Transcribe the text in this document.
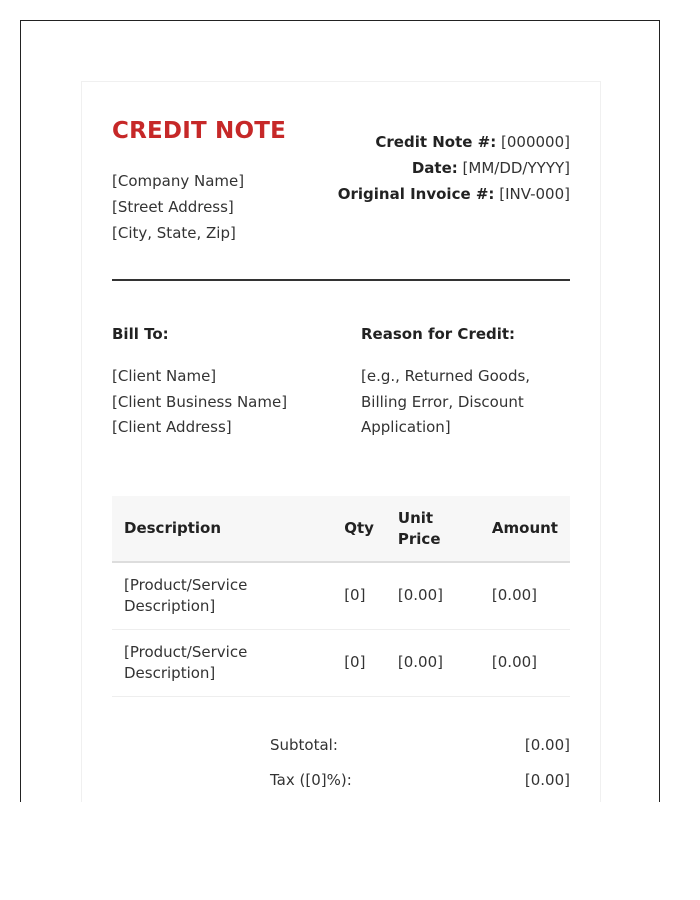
CREDIT NOTE
[Company Name]
[Street Address]
[City, State, Zip]
Credit Note #: [000000]
Date: [MM/DD/YYYY]
Original Invoice #: [INV-000]
Bill To:	Reason for Credit:
[Client Name]
[Client Business Name]
[Client Address]
[e.g., Returned Goods, Billing Error, Discount Application]
Description	Qty	Unit Price	Amount
[Product/Service Description]	[0]	[0.00]	[0.00]
[Product/Service Description]	[0]	[0.00]	[0.00]
Subtotal:	[0.00]
Tax ([0]%):	[0.00]
